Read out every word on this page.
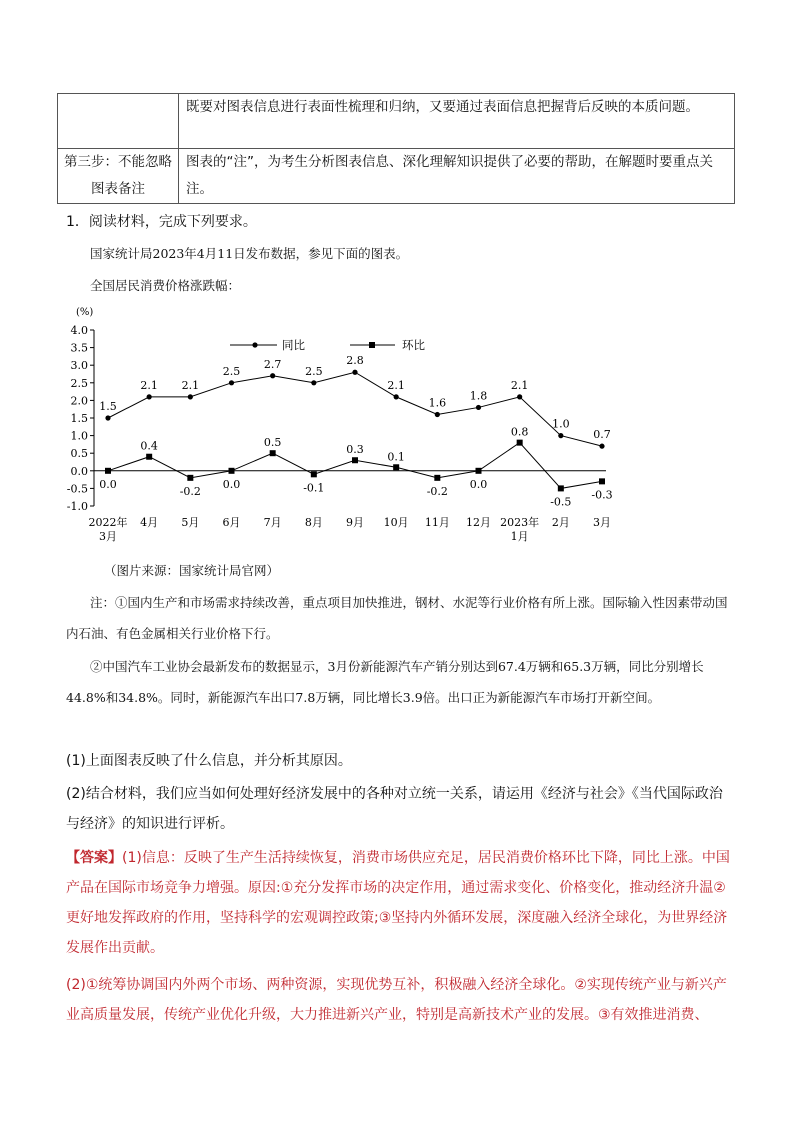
	既要对图表信息进行表面性梳理和归纳，又要通过表面信息把握背后反映的本质问题。

第三步：不能忽略
图表备注	图表的“注”，为考生分析图表信息、深化理解知识提供了必要的帮助，在解题时要重点关注。
1．阅读材料，完成下列要求。
国家统计局2023年4月11日发布数据，参见下面的图表。
全国居民消费价格涨跌幅：
(%)
4.0
3.5
3.0
2.5
2.0
1.5
1.0
0.5
0.0
-0.5
-1.0
2022年
3月
4月 5月 6月 7月 8月 9月 10月 11月 12月 2023年
1月
2月 3月
1.5
2.1 2.1
2.5
2.7
2.5
2.8
2.1
1.6
1.8
2.1
1.0
0.7
0.0
0.4
-0.2
0.0
0.5
-0.1
0.3
0.1
-0.2
0.0
0.8
-0.5
-0.3
同比	环比
（图片来源：国家统计局官网）
注：①国内生产和市场需求持续改善，重点项目加快推进，钢材、水泥等行业价格有所上涨。国际输入性因素带动国内石油、有色金属相关行业价格下行。
②中国汽车工业协会最新发布的数据显示，3月份新能源汽车产销分别达到67.4万辆和65.3万辆，同比分别增长44.8%和34.8%。同时，新能源汽车出口7.8万辆，同比增长3.9倍。出口正为新能源汽车市场打开新空间。
(1)上面图表反映了什么信息，并分析其原因。
(2)结合材料，我们应当如何处理好经济发展中的各种对立统一关系，请运用《经济与社会》《当代国际政治与经济》的知识进行评析。
【答案】(1)信息：反映了生产生活持续恢复，消费市场供应充足，居民消费价格环比下降，同比上涨。中国产品在国际市场竞争力增强。原因:①充分发挥市场的决定作用，通过需求变化、价格变化，推动经济升温②更好地发挥政府的作用，坚持科学的宏观调控政策;③坚持内外循环发展，深度融入经济全球化，为世界经济发展作出贡献。
(2)①统筹协调国内外两个市场、两种资源，实现优势互补，积极融入经济全球化。②实现传统产业与新兴产业高质量发展，传统产业优化升级，大力推进新兴产业，特别是高新技术产业的发展。③有效推进消费、
